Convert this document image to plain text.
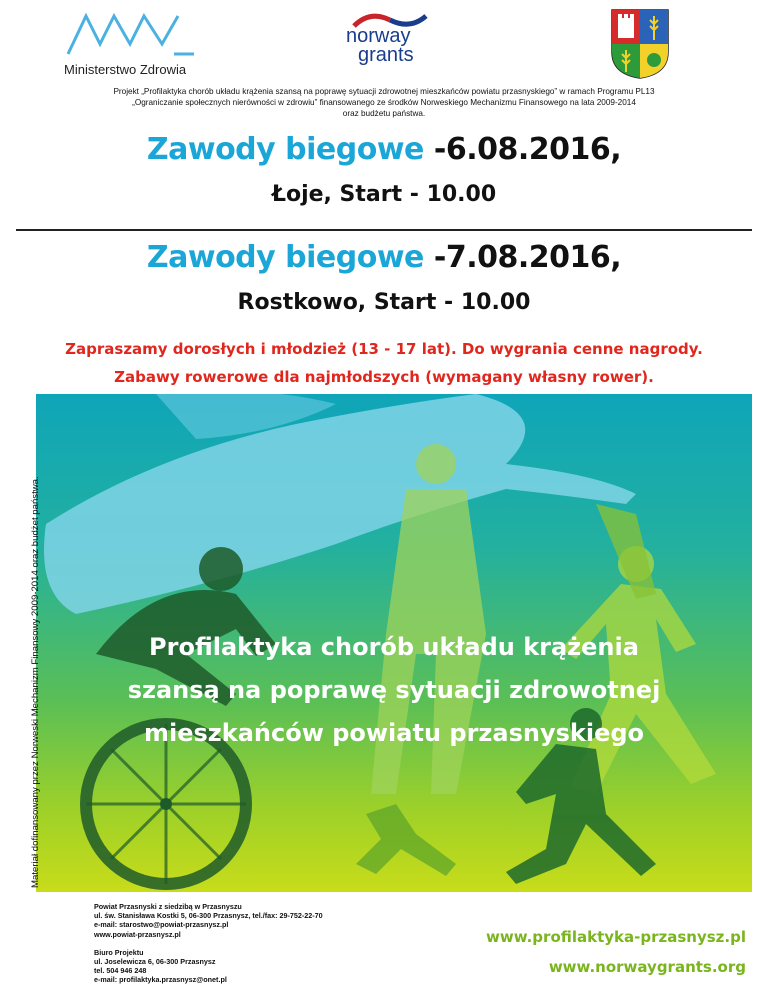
Ministerstwo Zdrowia
norway
grants
Projekt „Profilaktyka chorób układu krążenia szansą na poprawę sytuacji zdrowotnej mieszkańców powiatu przasnyskiego” w ramach Programu PL13
„Ograniczanie społecznych nierówności w zdrowiu” finansowanego ze środków Norweskiego Mechanizmu Finansowego na lata 2009-2014
oraz budżetu państwa.
Zawody biegowe -6.08.2016,
Łoje, Start - 10.00
Zawody biegowe -7.08.2016,
Rostkowo, Start - 10.00
Zapraszamy dorosłych i młodzież (13 - 17 lat). Do wygrania cenne nagrody.
Zabawy rowerowe dla najmłodszych (wymagany własny rower).
Profilaktyka chorób układu krążenia
szansą na poprawę sytuacji zdrowotnej
mieszkańców powiatu przasnyskiego
Materiał dofinansowany przez Norweski Mechanizm Finansowy 2009-2014 oraz budżet państwa.
Powiat Przasnyski z siedzibą w Przasnyszu
ul. św. Stanisława Kostki 5, 06-300 Przasnysz, tel./fax: 29-752-22-70
e-mail: starostwo@powiat-przasnysz.pl
www.powiat-przasnysz.pl
Biuro Projektu
ul. Joselewicza 6, 06-300 Przasnysz
tel. 504 946 248
e-mail: profilaktyka.przasnysz@onet.pl
www.profilaktyka-przasnysz.pl
www.norwaygrants.org
